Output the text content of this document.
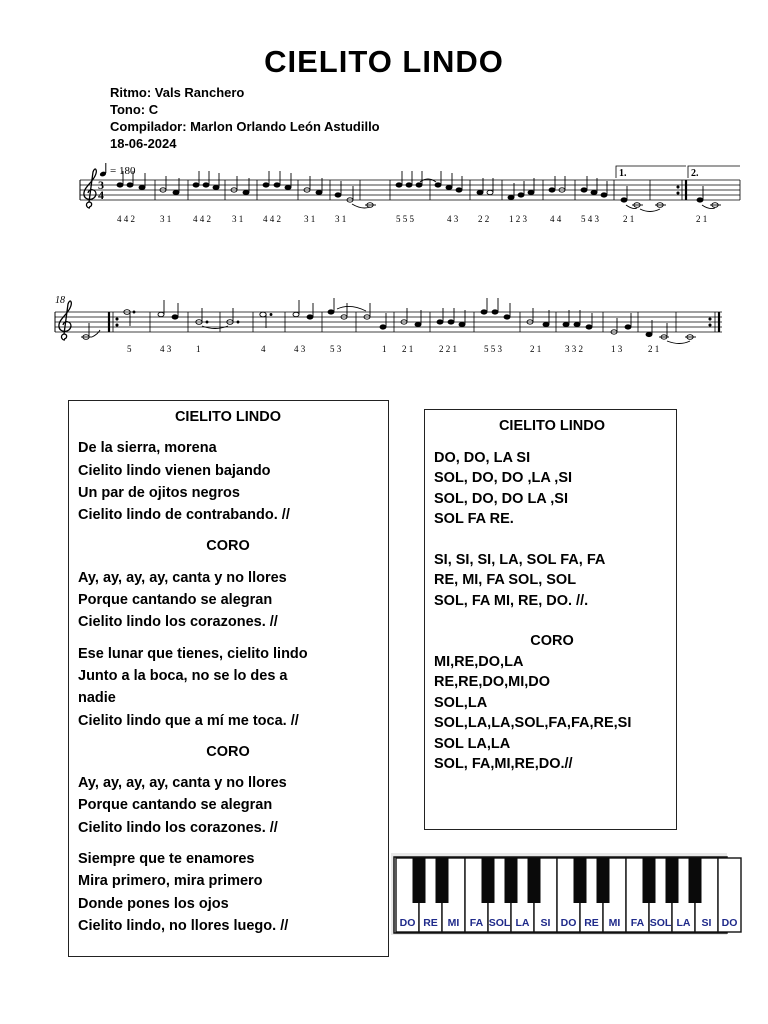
CIELITO LINDO
Ritmo: Vals Ranchero
Tono: C
Compilador: Marlon Orlando León Astudillo
18-06-2024
= 180
3
4
1.	2.
4 4 2	3 1 4 4 2 3 1 4 4 2	3 1 3 1	5 5 5	4 3 2 2 1 2 3	4 4 5 4 3	2 1	2 1
18
5	4 3	1	4	4 3	5 3	1 2 1	2 2 1	5 5 3	2 1	3 3 2	1 3	2 1
CIELITO LINDO
De la sierra, morena
Cielito lindo vienen bajando
Un par de ojitos negros
Cielito lindo de contrabando. //
CORO
Ay, ay, ay, ay, canta y no llores
Porque cantando se alegran
Cielito lindo los corazones. //
Ese lunar que tienes, cielito lindo
Junto a la boca, no se lo des a
nadie
Cielito lindo que a mí me toca. //
CORO
Ay, ay, ay, ay, canta y no llores
Porque cantando se alegran
Cielito lindo los corazones. //
Siempre que te enamores
Mira primero, mira primero
Donde pones los ojos
Cielito lindo, no llores luego. //
CIELITO LINDO
DO, DO, LA SI
SOL, DO, DO ,LA ,SI
SOL, DO, DO LA ,SI
SOL FA RE.
SI, SI, SI, LA, SOL FA, FA
RE, MI, FA SOL, SOL
SOL, FA MI, RE, DO. //.
CORO
MI,RE,DO,LA
RE,RE,DO,MI,DO
SOL,LA
SOL,LA,LA,SOL,FA,FA,RE,SI
SOL LA,LA
SOL, FA,MI,RE,DO.//
DO RE MI FA SOL LA SI DO RE MI FA SOL LA SI DO
